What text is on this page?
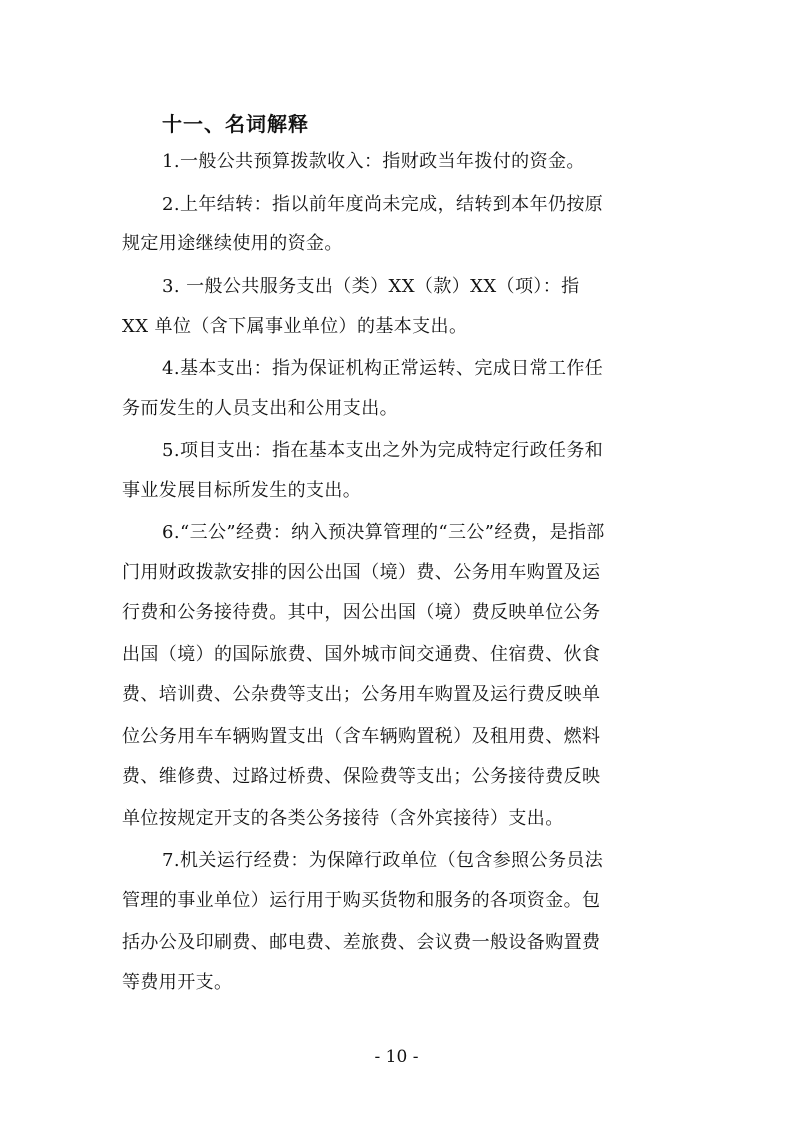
十一、名词解释
1.一般公共预算拨款收入：指财政当年拨付的资金。
2.上年结转：指以前年度尚未完成，结转到本年仍按原
规定用途继续使用的资金。
3. 一般公共服务支出（类）XX（款）XX（项）：指
XX 单位（含下属事业单位）的基本支出。
4.基本支出：指为保证机构正常运转、完成日常工作任
务而发生的人员支出和公用支出。
5.项目支出：指在基本支出之外为完成特定行政任务和
事业发展目标所发生的支出。
6.“三公”经费：纳入预决算管理的“三公”经费，是指部
门用财政拨款安排的因公出国（境）费、公务用车购置及运
行费和公务接待费。其中，因公出国（境）费反映单位公务
出国（境）的国际旅费、国外城市间交通费、住宿费、伙食
费、培训费、公杂费等支出；公务用车购置及运行费反映单
位公务用车车辆购置支出（含车辆购置税）及租用费、燃料
费、维修费、过路过桥费、保险费等支出；公务接待费反映
单位按规定开支的各类公务接待（含外宾接待）支出。
7.机关运行经费：为保障行政单位（包含参照公务员法
管理的事业单位）运行用于购买货物和服务的各项资金。包
括办公及印刷费、邮电费、差旅费、会议费一般设备购置费
等费用开支。
- 10 -
